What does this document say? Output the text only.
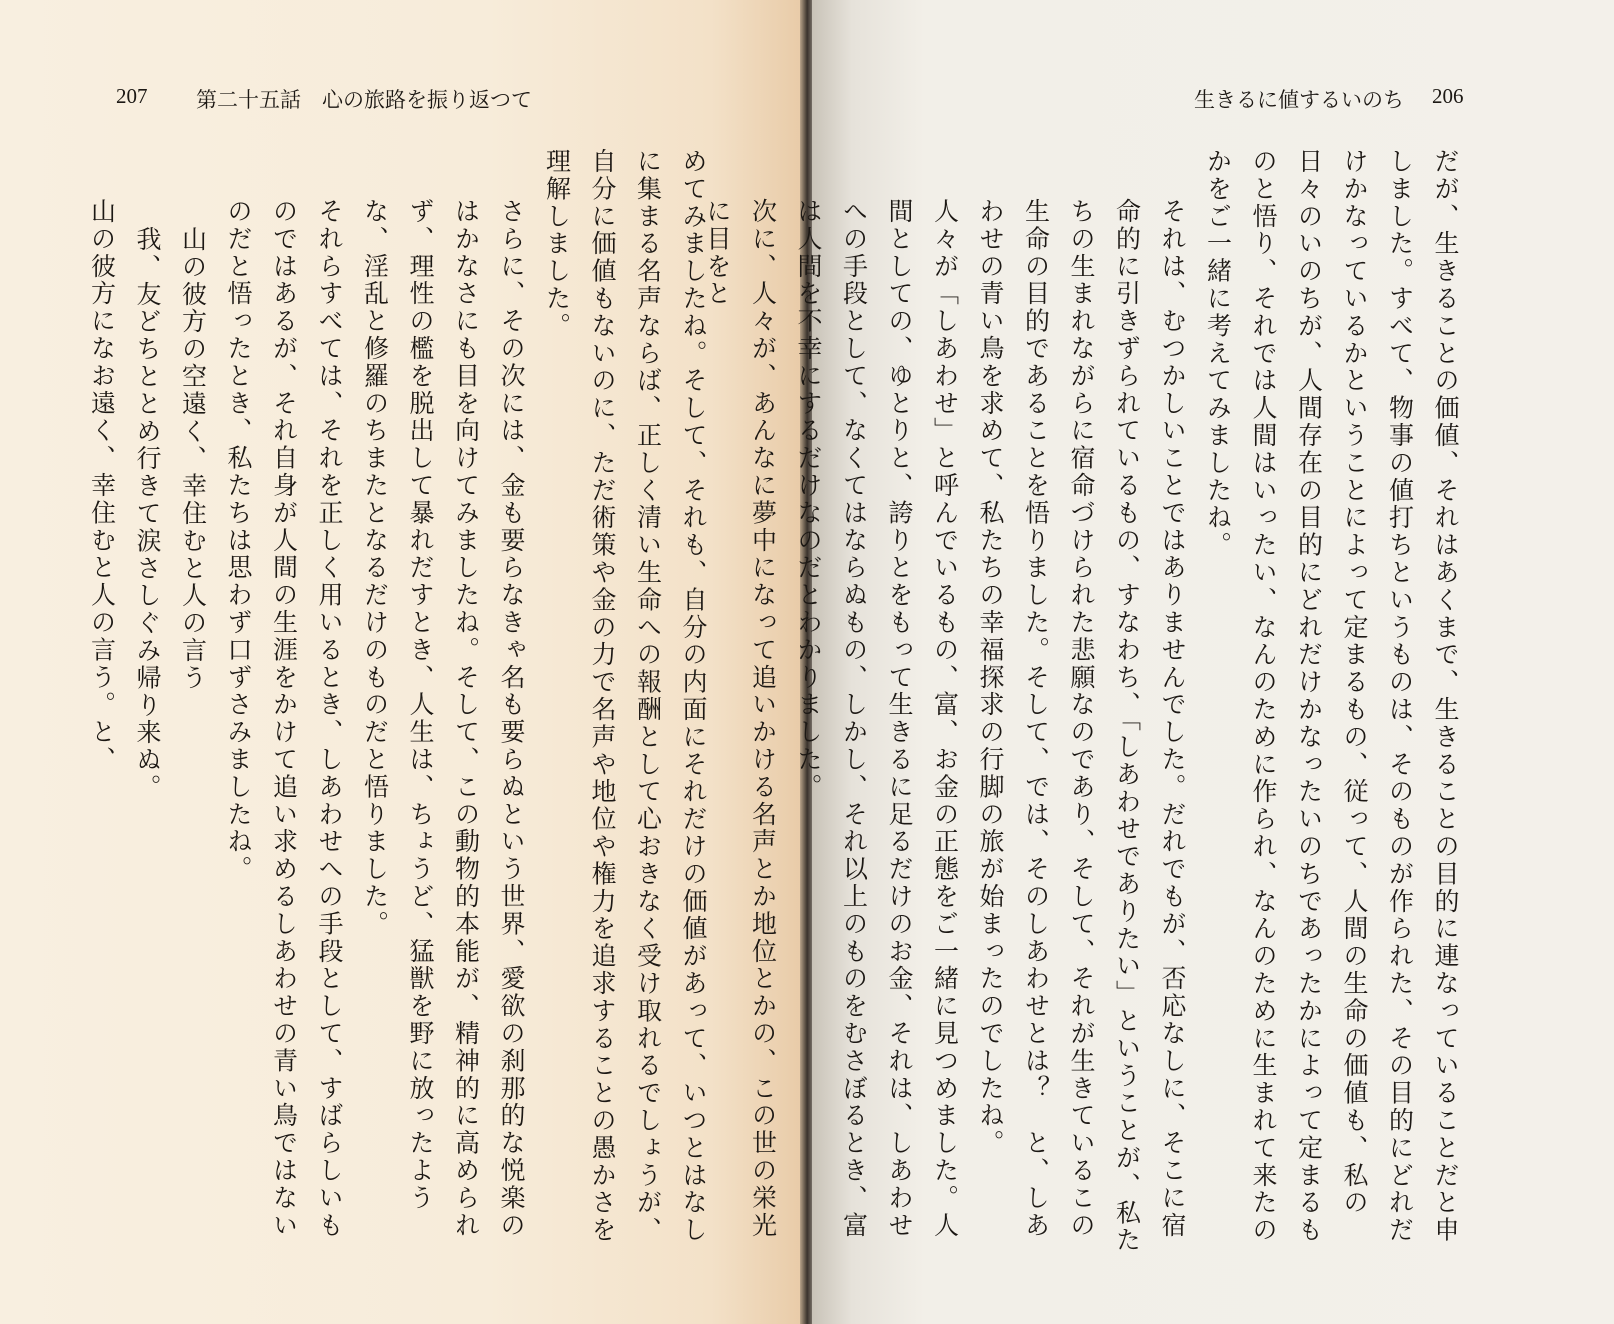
207 第二十五話　心の旅路を振り返つて

めてみましたね。そして、それも、自分の内面にそれだけの価値があって、いつとはなしに集まる名声ならば、正しく清い生命への報酬として心おきなく受け取れるでしょうが、自分に価値もないのに、ただ術策や金の力で名声や地位や権力を追求することの愚かさを理解しました。

さらに、その次には、金も要らなきゃ名も要らぬという世界、愛欲の刹那的な悦楽のはかなさにも目を向けてみましたね。そして、この動物的本能が、精神的に高められず、理性の檻を脱出して暴れだすとき、人生は、ちょうど、猛獣を野に放ったような、淫乱と修羅のちまたとなるだけのものだと悟りました。

それらすべては、それを正しく用いるとき、しあわせへの手段として、すばらしいものではあるが、それ自身が人間の生涯をかけて追い求めるしあわせの青い鳥ではないのだと悟ったとき、私たちは思わず口ずさみましたね。

山の彼方の空遠く、幸住むと人の言う

我、友どちととめ行きて涙さしぐみ帰り来ぬ。

山の彼方になお遠く、幸住むと人の言う。と、

生きるに値するいのち 206

だが、生きることの価値、それはあくまで、生きることの目的に連なっていることだと申しました。すべて、物事の値打ちというものは、そのものが作られた、その目的にどれだけかなっているかということによって定まるもの、従って、人間の生命の価値も、私の日々のいのちが、人間存在の目的にどれだけかなったいのちであったかによって定まるものと悟り、それでは人間はいったい、なんのために作られ、なんのために生まれて来たのかをご一緒に考えてみましたね。

それは、むつかしいことではありませんでした。だれでもが、否応なしに、そこに宿命的に引きずられているもの、すなわち、「しあわせでありたい」ということが、私たちの生まれながらに宿命づけられた悲願なのであり、そして、それが生きているこの生命の目的であることを悟りました。そして、では、そのしあわせとは？　と、しあわせの青い鳥を求めて、私たちの幸福探求の行脚の旅が始まったのでしたね。

人々が「しあわせ」と呼んでいるもの、富、お金の正態をご一緒に見つめました。人間としての、ゆとりと、誇りとをもって生きるに足るだけのお金、それは、しあわせへの手段として、なくてはならぬもの、しかし、それ以上のものをむさぼるとき、富は人間を不幸にするだけなのだとわかりました。

次に、人々が、あんなに夢中になって追いかける名声とか地位とかの、この世の栄光に目をと
